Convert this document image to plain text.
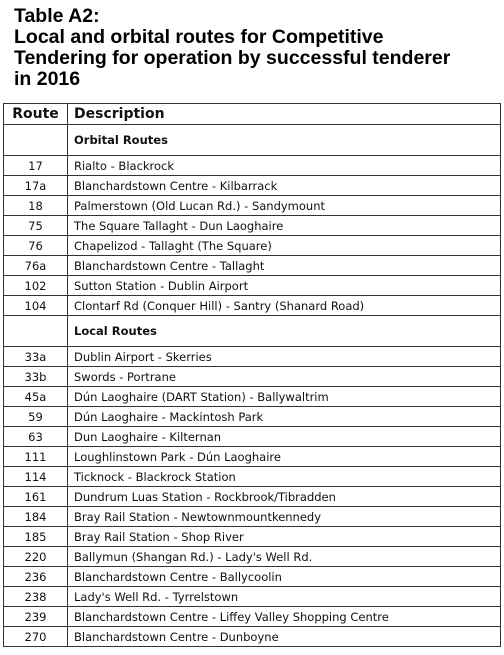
Table A2:
Local and orbital routes for Competitive
Tendering for operation by successful tenderer
in 2016
Route	Description
	Orbital Routes
17	Rialto - Blackrock
17a	Blanchardstown Centre - Kilbarrack
18	Palmerstown (Old Lucan Rd.) - Sandymount
75	The Square Tallaght - Dun Laoghaire
76	Chapelizod - Tallaght (The Square)
76a	Blanchardstown Centre - Tallaght
102	Sutton Station - Dublin Airport
104	Clontarf Rd (Conquer Hill) - Santry (Shanard Road)
	Local Routes
33a	Dublin Airport - Skerries
33b	Swords - Portrane
45a	Dún Laoghaire (DART Station) - Ballywaltrim
59	Dún Laoghaire - Mackintosh Park
63	Dun Laoghaire - Kilternan
111	Loughlinstown Park - Dún Laoghaire
114	Ticknock - Blackrock Station
161	Dundrum Luas Station - Rockbrook/Tibradden
184	Bray Rail Station - Newtownmountkennedy
185	Bray Rail Station - Shop River
220	Ballymun (Shangan Rd.) - Lady's Well Rd.
236	Blanchardstown Centre - Ballycoolin
238	Lady's Well Rd. - Tyrrelstown
239	Blanchardstown Centre - Liffey Valley Shopping Centre
270	Blanchardstown Centre - Dunboyne
